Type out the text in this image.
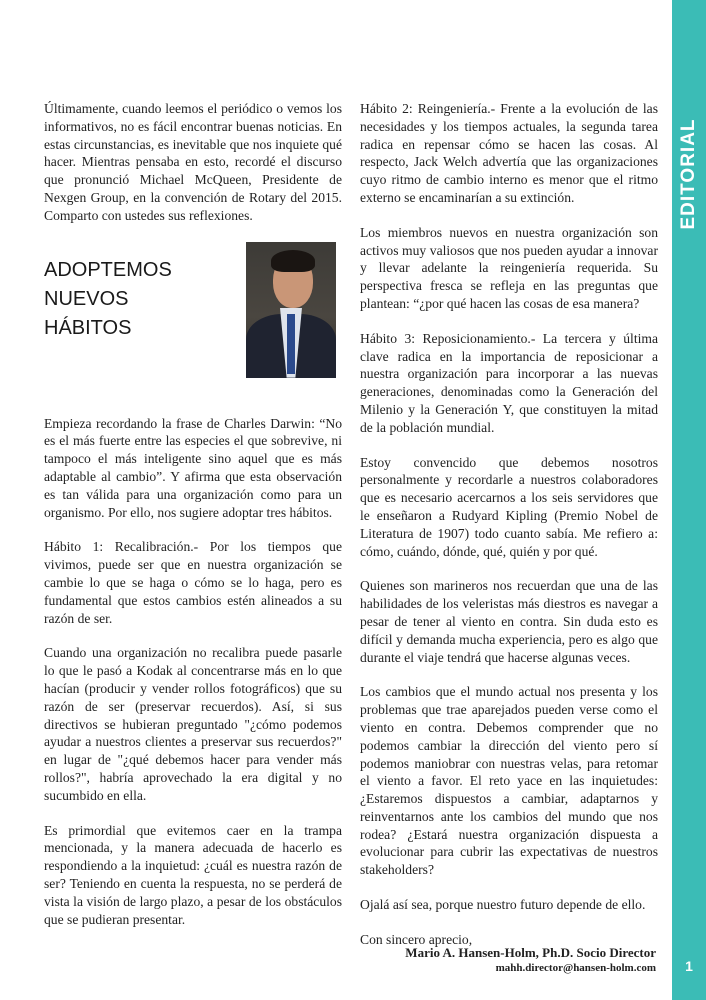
EDITORIAL
1

Últimamente, cuando leemos el periódico o vemos los informativos, no es fácil encontrar buenas noticias. En estas circunstancias, es inevitable que nos inquiete qué hacer. Mientras pensaba en esto, recordé el discurso que pronunció Michael McQueen, Presidente de Nexgen Group, en la convención de Rotary del 2015. Comparto con ustedes sus reflexiones.

ADOPTEMOS
NUEVOS
HÁBITOS

Empieza recordando la frase de Charles Darwin: “No es el más fuerte entre las especies el que sobrevive, ni tampoco el más inteligente sino aquel que es más adaptable al cambio”. Y afirma que esta observación es tan válida para una organización como para un organismo. Por ello, nos sugiere adoptar tres hábitos.

Hábito 1: Recalibración.- Por los tiempos que vivimos, puede ser que en nuestra organización se cambie lo que se haga o cómo se lo haga, pero es fundamental que estos cambios estén alineados a su razón de ser.

Cuando una organización no recalibra puede pasarle lo que le pasó a Kodak al concentrarse más en lo que hacían (producir y vender rollos fotográficos) que su razón de ser (preservar recuerdos). Así, si sus directivos se hubieran preguntado "¿cómo podemos ayudar a nuestros clientes a preservar sus recuerdos?" en lugar de "¿qué debemos hacer para vender más rollos?", habría aprovechado la era digital y no sucumbido en ella.

Es primordial que evitemos caer en la trampa mencionada, y la manera adecuada de hacerlo es respondiendo a la inquietud: ¿cuál es nuestra razón de ser? Teniendo en cuenta la respuesta, no se perderá de vista la visión de largo plazo, a pesar de los obstáculos que se pudieran presentar.

Hábito 2: Reingeniería.- Frente a la evolución de las necesidades y los tiempos actuales, la segunda tarea radica en repensar cómo se hacen las cosas. Al respecto, Jack Welch advertía que las organizaciones cuyo ritmo de cambio interno es menor que el ritmo externo se encaminarían a su extinción.

Los miembros nuevos en nuestra organización son activos muy valiosos que nos pueden ayudar a innovar y llevar adelante la reingeniería requerida. Su perspectiva fresca se refleja en las preguntas que plantean: “¿por qué hacen las cosas de esa manera?

Hábito 3: Reposicionamiento.- La tercera y última clave radica en la importancia de reposicionar a nuestra organización para incorporar a las nuevas generaciones, denominadas como la Generación del Milenio y la Generación Y, que constituyen la mitad de la población mundial.

Estoy convencido que debemos nosotros personalmente y recordarle a nuestros colaboradores que es necesario acercarnos a los seis servidores que le enseñaron a Rudyard Kipling (Premio Nobel de Literatura de 1907) todo cuanto sabía. Me refiero a: cómo, cuándo, dónde, qué, quién y por qué.

Quienes son marineros nos recuerdan que una de las habilidades de los veleristas más diestros es navegar a pesar de tener al viento en contra. Sin duda esto es difícil y demanda mucha experiencia, pero es algo que durante el viaje tendrá que hacerse algunas veces.

Los cambios que el mundo actual nos presenta y los problemas que trae aparejados pueden verse como el viento en contra. Debemos comprender que no podemos cambiar la dirección del viento pero sí podemos maniobrar con nuestras velas, para retomar el viento a favor. El reto yace en las inquietudes: ¿Estaremos dispuestos a cambiar, adaptarnos y reinventarnos ante los cambios del mundo que nos rodea? ¿Estará nuestra organización dispuesta a evolucionar para cubrir las expectativas de nuestros stakeholders?

Ojalá así sea, porque nuestro futuro depende de ello.

Con sincero aprecio,

Mario A. Hansen-Holm, Ph.D. Socio Director
mahh.director@hansen-holm.com
